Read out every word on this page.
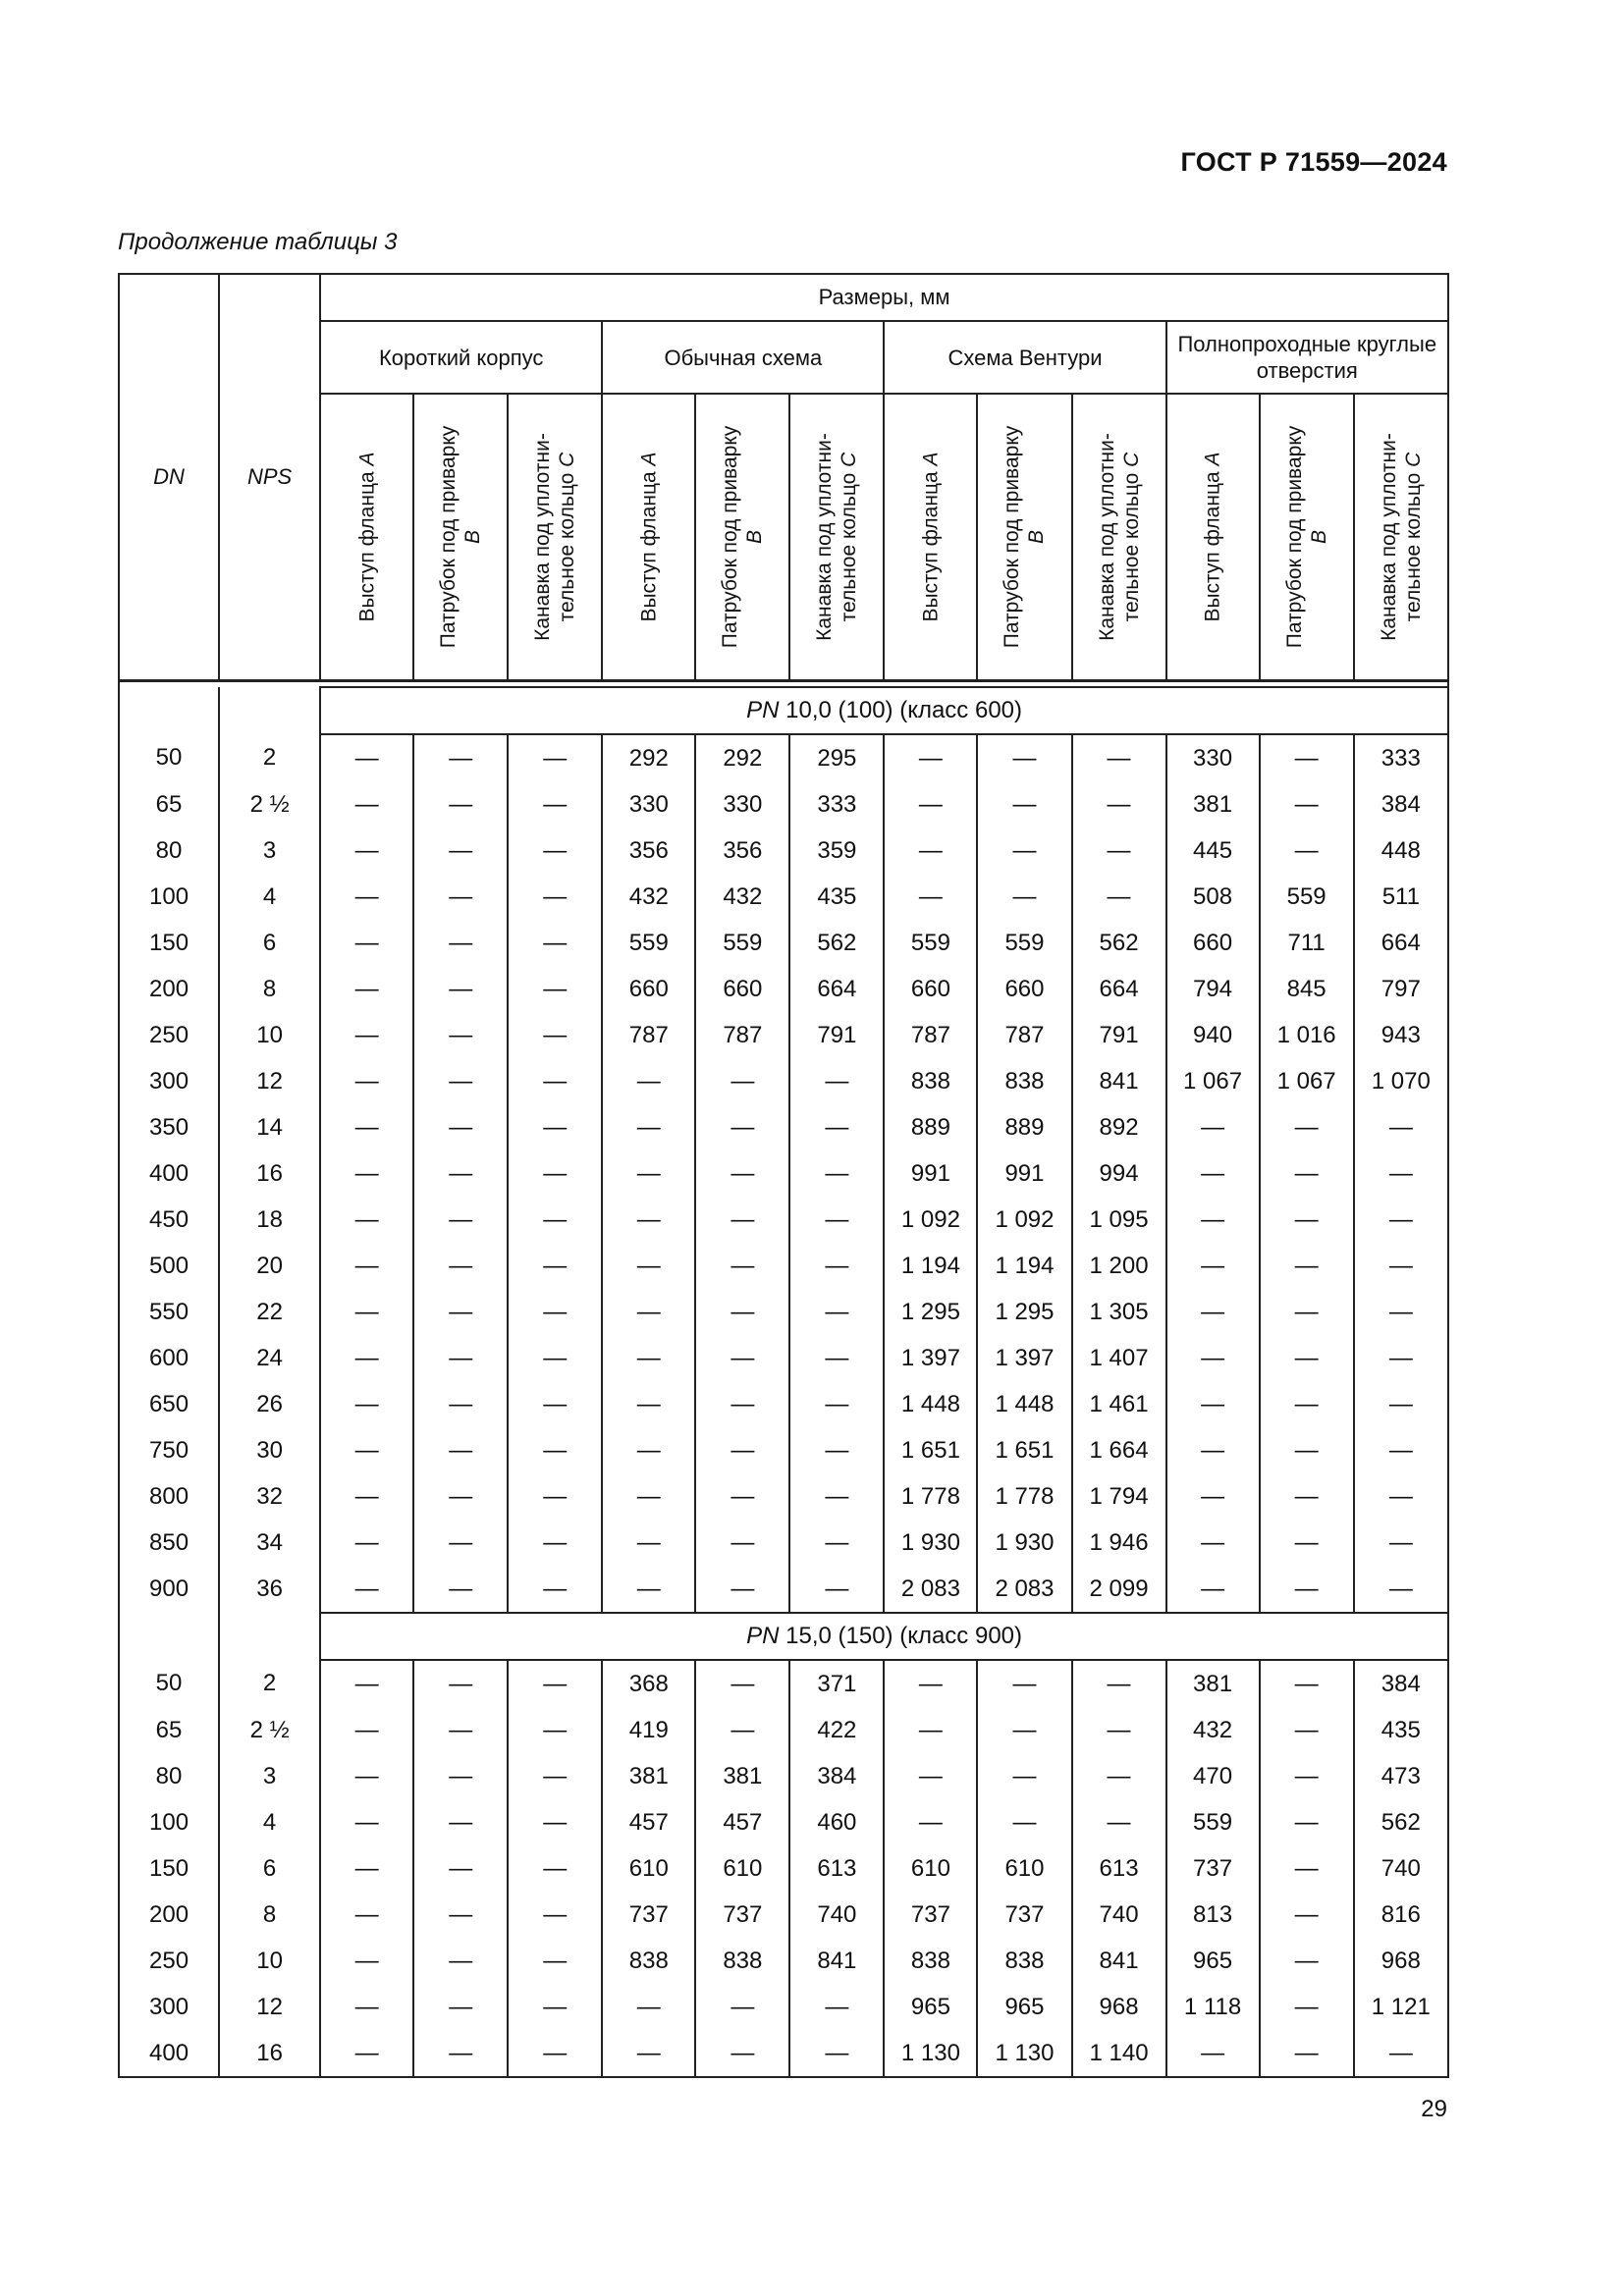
ГОСТ Р 71559—2024
Продолжение таблицы 3
DN	NPS	Размеры, мм											
		Короткий корпус			Обычная схема			Схема Вентури			Полнопроходные круглые отверстия		

		Выступ фланца A	Патрубок под приварку B	Канавка под уплотни-тельное кольцо C	Выступ фланца A	Патрубок под приварку B	Канавка под уплотни-тельное кольцо C	Выступ фланца A	Патрубок под приварку B	Канавка под уплотни-тельное кольцо C	Выступ фланца A	Патрубок под приварку B	Канавка под уплотни-тельное кольцо C

		PN 10,0 (100) (класс 600)											
50	2	—	—	—	292	292	295	—	—	—	330	—	333
65	2 ½	—	—	—	330	330	333	—	—	—	381	—	384
80	3	—	—	—	356	356	359	—	—	—	445	—	448
100	4	—	—	—	432	432	435	—	—	—	508	559	511
150	6	—	—	—	559	559	562	559	559	562	660	711	664
200	8	—	—	—	660	660	664	660	660	664	794	845	797
250	10	—	—	—	787	787	791	787	787	791	940	1 016	943
300	12	—	—	—	—	—	—	838	838	841	1 067	1 067	1 070
350	14	—	—	—	—	—	—	889	889	892	—	—	—
400	16	—	—	—	—	—	—	991	991	994	—	—	—
450	18	—	—	—	—	—	—	1 092	1 092	1 095	—	—	—
500	20	—	—	—	—	—	—	1 194	1 194	1 200	—	—	—
550	22	—	—	—	—	—	—	1 295	1 295	1 305	—	—	—
600	24	—	—	—	—	—	—	1 397	1 397	1 407	—	—	—
650	26	—	—	—	—	—	—	1 448	1 448	1 461	—	—	—
750	30	—	—	—	—	—	—	1 651	1 651	1 664	—	—	—
800	32	—	—	—	—	—	—	1 778	1 778	1 794	—	—	—
850	34	—	—	—	—	—	—	1 930	1 930	1 946	—	—	—
900	36	—	—	—	—	—	—	2 083	2 083	2 099	—	—	—
		PN 15,0 (150) (класс 900)											
50	2	—	—	—	368	—	371	—	—	—	381	—	384
65	2 ½	—	—	—	419	—	422	—	—	—	432	—	435
80	3	—	—	—	381	381	384	—	—	—	470	—	473
100	4	—	—	—	457	457	460	—	—	—	559	—	562
150	6	—	—	—	610	610	613	610	610	613	737	—	740
200	8	—	—	—	737	737	740	737	737	740	813	—	816
250	10	—	—	—	838	838	841	838	838	841	965	—	968
300	12	—	—	—	—	—	—	965	965	968	1 118	—	1 121
400	16	—	—	—	—	—	—	1 130	1 130	1 140	—	—	—
29
